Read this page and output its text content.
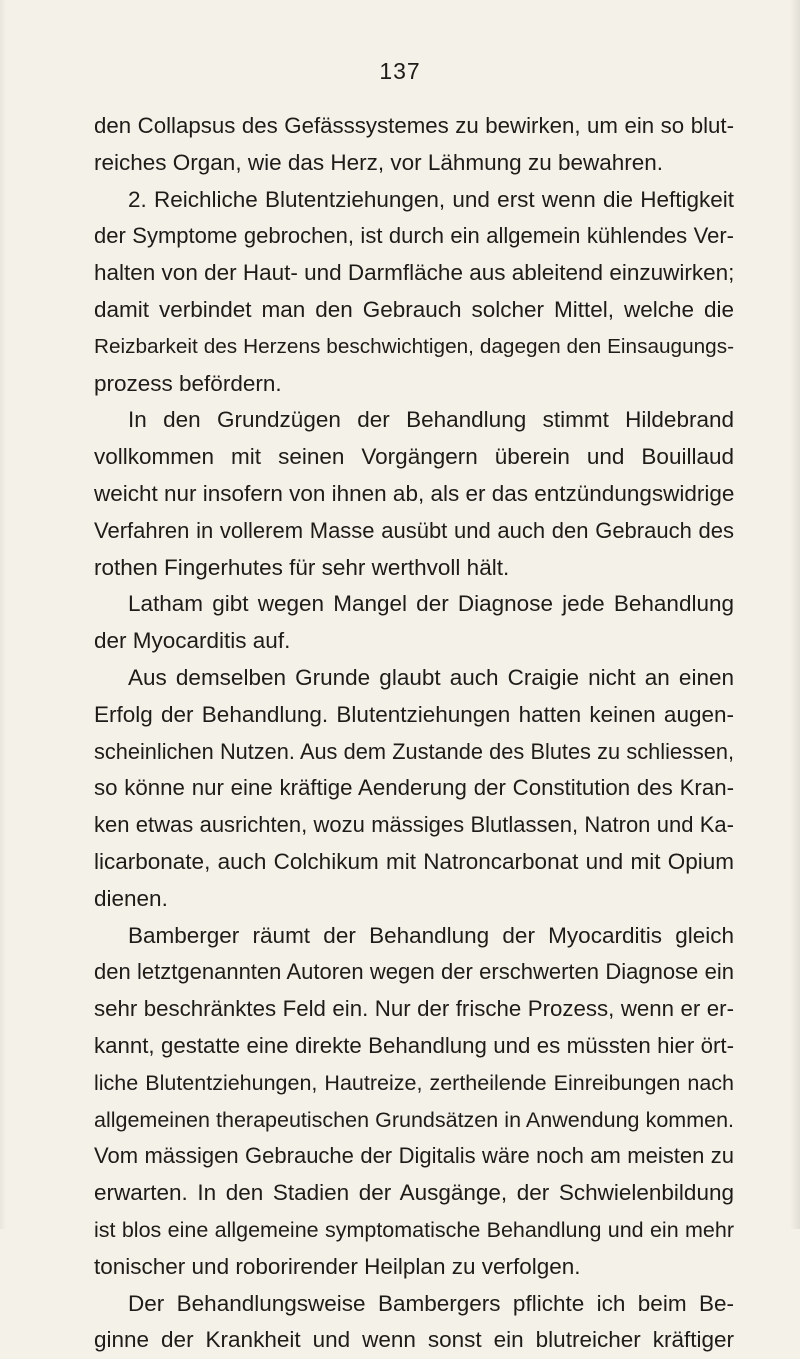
137
den Collapsus des Gefässsystemes zu bewirken, um ein so blut-
reiches Organ, wie das Herz, vor Lähmung zu bewahren.
2. Reichliche Blutentziehungen, und erst wenn die Heftigkeit
der Symptome gebrochen, ist durch ein allgemein kühlendes Ver-
halten von der Haut- und Darmfläche aus ableitend einzuwirken;
damit verbindet man den Gebrauch solcher Mittel, welche die
Reizbarkeit des Herzens beschwichtigen, dagegen den Einsaugungs-
prozess befördern.
In den Grundzügen der Behandlung stimmt Hildebrand
vollkommen mit seinen Vorgängern überein und Bouillaud
weicht nur insofern von ihnen ab, als er das entzündungswidrige
Verfahren in vollerem Masse ausübt und auch den Gebrauch des
rothen Fingerhutes für sehr werthvoll hält.
Latham gibt wegen Mangel der Diagnose jede Behandlung
der Myocarditis auf.
Aus demselben Grunde glaubt auch Craigie nicht an einen
Erfolg der Behandlung. Blutentziehungen hatten keinen augen-
scheinlichen Nutzen. Aus dem Zustande des Blutes zu schliessen,
so könne nur eine kräftige Aenderung der Constitution des Kran-
ken etwas ausrichten, wozu mässiges Blutlassen, Natron und Ka-
licarbonate, auch Colchikum mit Natroncarbonat und mit Opium
dienen.
Bamberger räumt der Behandlung der Myocarditis gleich
den letztgenannten Autoren wegen der erschwerten Diagnose ein
sehr beschränktes Feld ein. Nur der frische Prozess, wenn er er-
kannt, gestatte eine direkte Behandlung und es müssten hier ört-
liche Blutentziehungen, Hautreize, zertheilende Einreibungen nach
allgemeinen therapeutischen Grundsätzen in Anwendung kommen.
Vom mässigen Gebrauche der Digitalis wäre noch am meisten zu
erwarten. In den Stadien der Ausgänge, der Schwielenbildung
ist blos eine allgemeine symptomatische Behandlung und ein mehr
tonischer und roborirender Heilplan zu verfolgen.
Der Behandlungsweise Bambergers pflichte ich beim Be-
ginne der Krankheit und wenn sonst ein blutreicher kräftiger
